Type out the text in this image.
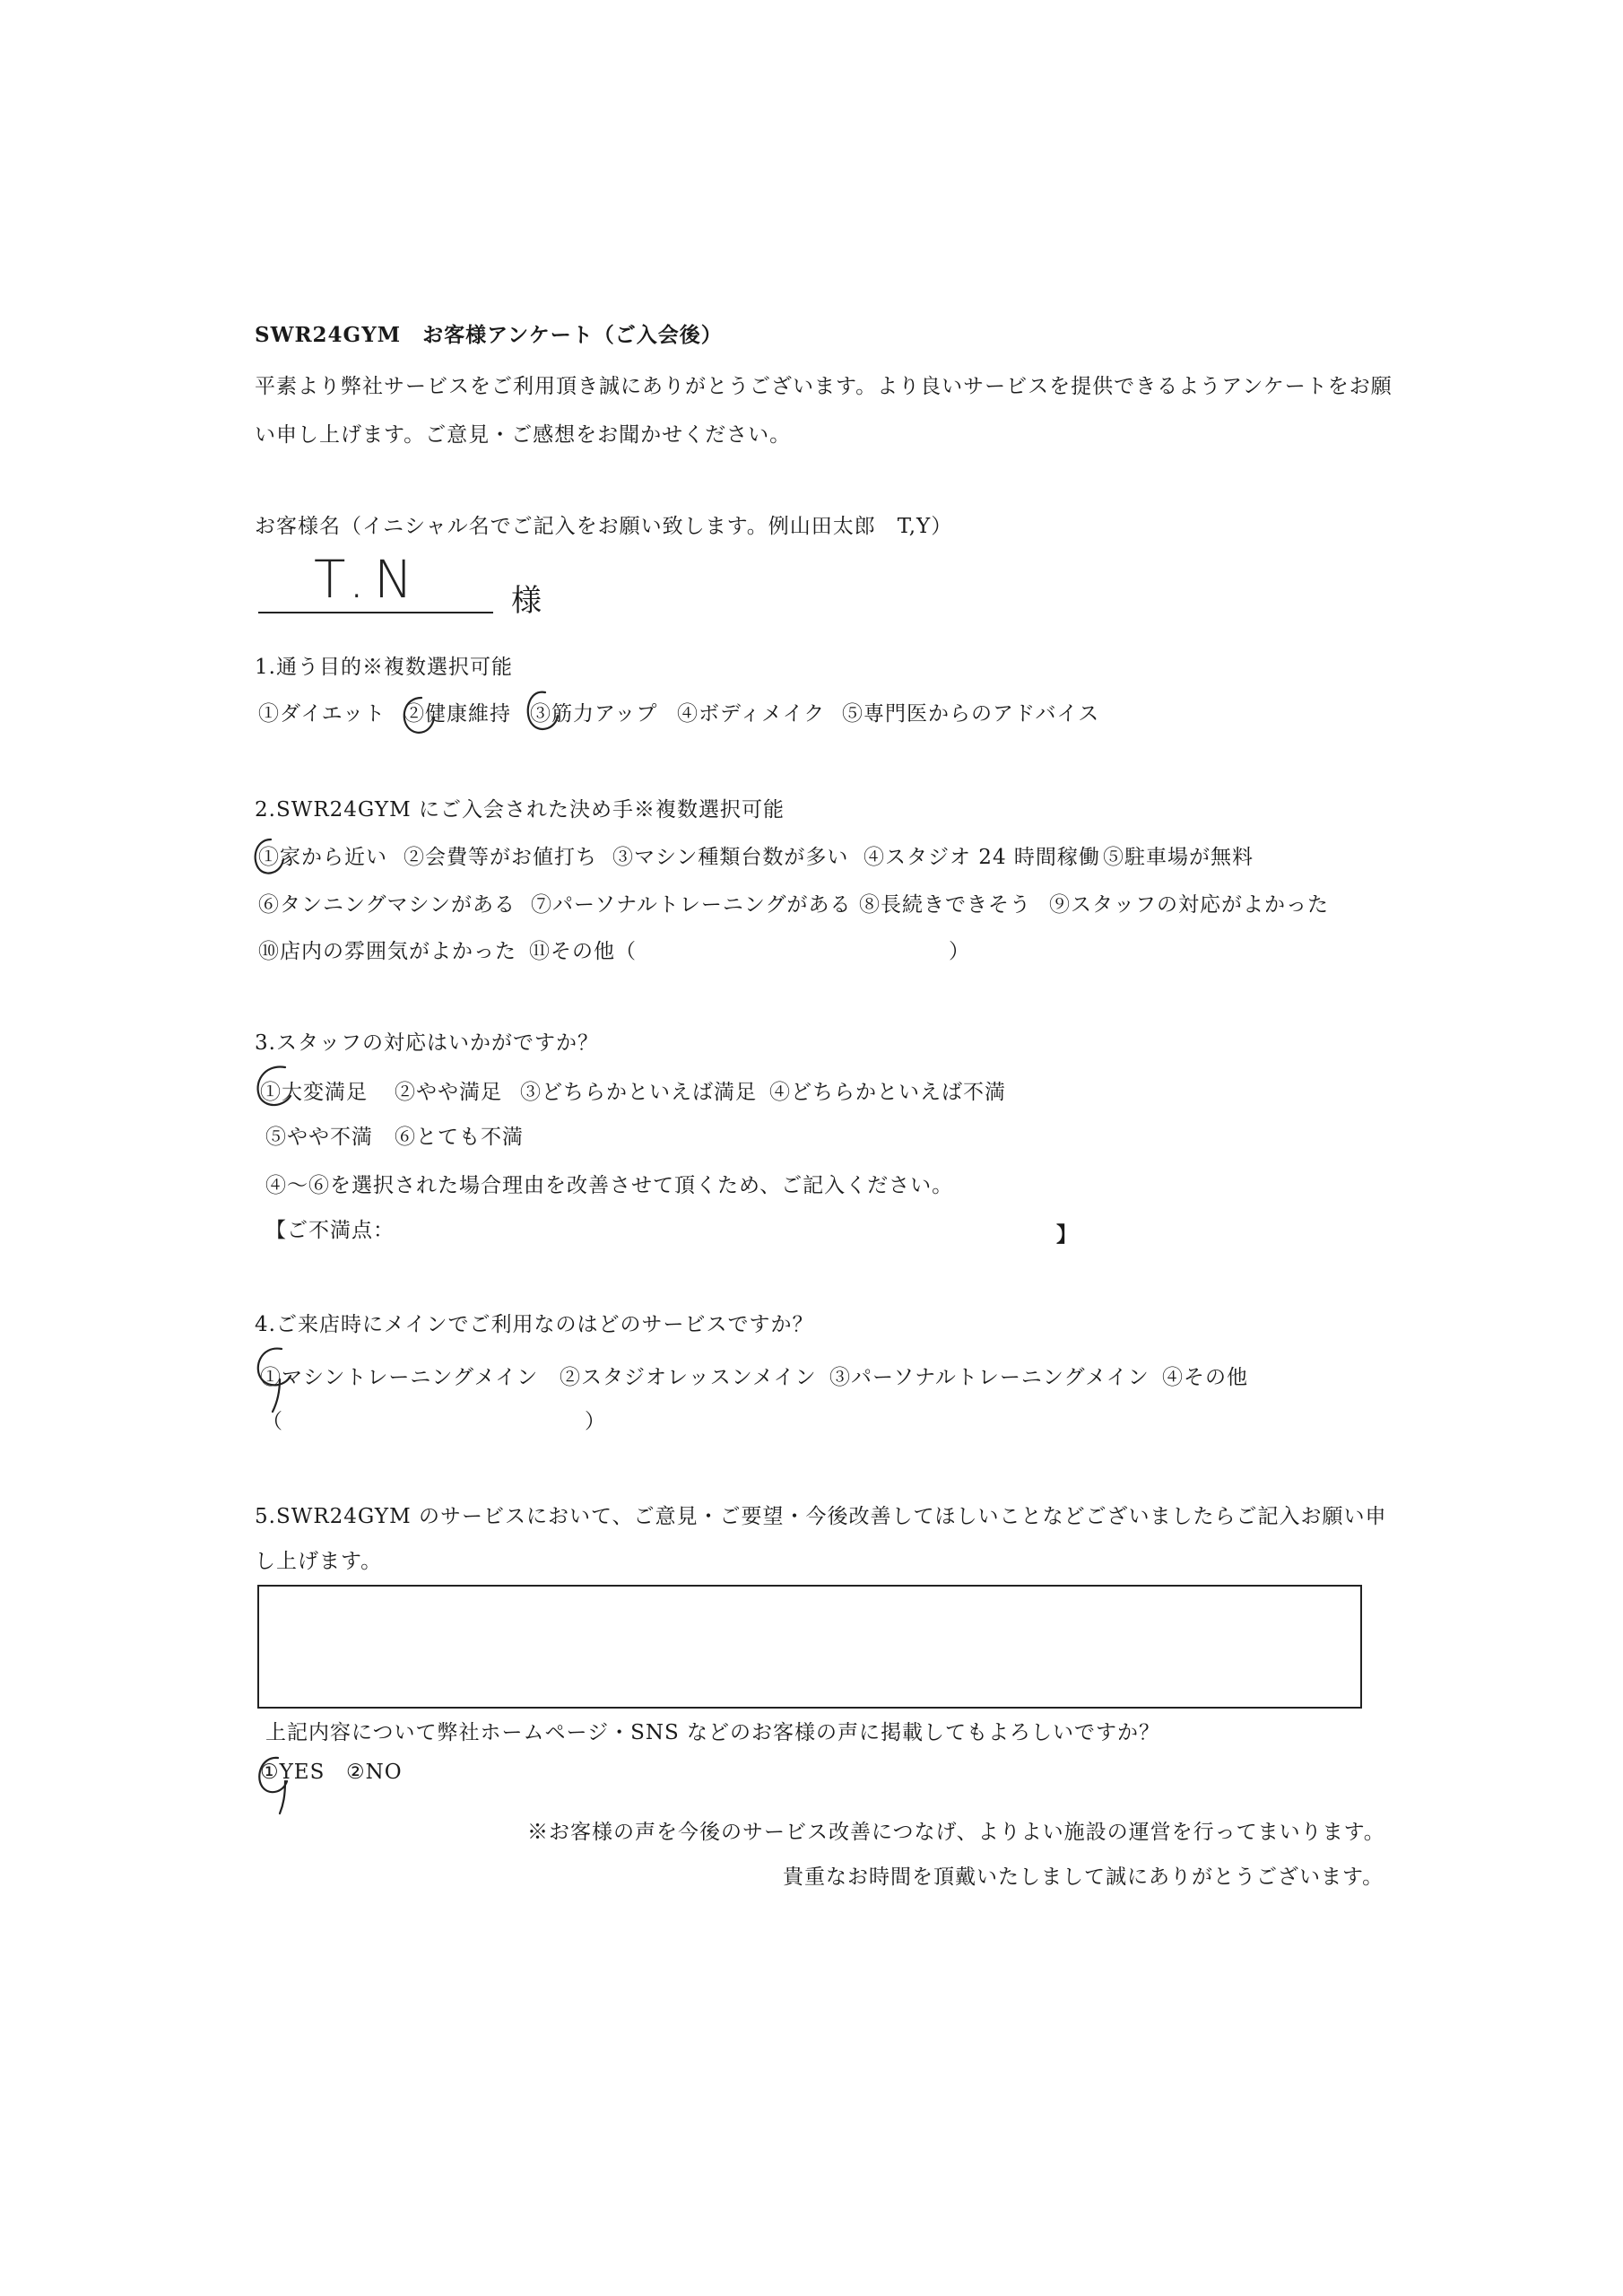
SWR24GYM　お客様アンケート（ご入会後）
平素より弊社サービスをご利用頂き誠にありがとうございます。より良いサービスを提供できるようアンケートをお願
い申し上げます。ご意見・ご感想をお聞かせください。
お客様名（イニシャル名でご記入をお願い致します。例山田太郎　T,Y）
T.N	様
1.通う目的※複数選択可能
①ダイエット ②健康維持 ③筋力アップ ④ボディメイク ⑤専門医からのアドバイス
2.SWR24GYM にご入会された決め手※複数選択可能
①家から近い ②会費等がお値打ち ③マシン種類台数が多い ④スタジオ 24 時間稼働 ⑤駐車場が無料
⑥タンニングマシンがある ⑦パーソナルトレーニングがある ⑧長続きできそう ⑨スタッフの対応がよかった
⑩店内の雰囲気がよかった ⑪その他（	）
3.スタッフの対応はいかがですか？
①大変満足 ②やや満足 ③どちらかといえば満足 ④どちらかといえば不満
⑤やや不満 ⑥とても不満
④～⑥を選択された場合理由を改善させて頂くため、ご記入ください。
【ご不満点：	】
4.ご来店時にメインでご利用なのはどのサービスですか？
①マシントレーニングメイン ②スタジオレッスンメイン ③パーソナルトレーニングメイン ④その他
（	）
5.SWR24GYM のサービスにおいて、ご意見・ご要望・今後改善してほしいことなどございましたらご記入お願い申
し上げます。
上記内容について弊社ホームページ・SNS などのお客様の声に掲載してもよろしいですか？
①YES ②NO
※お客様の声を今後のサービス改善につなげ、よりよい施設の運営を行ってまいります。
貴重なお時間を頂戴いたしまして誠にありがとうございます。
